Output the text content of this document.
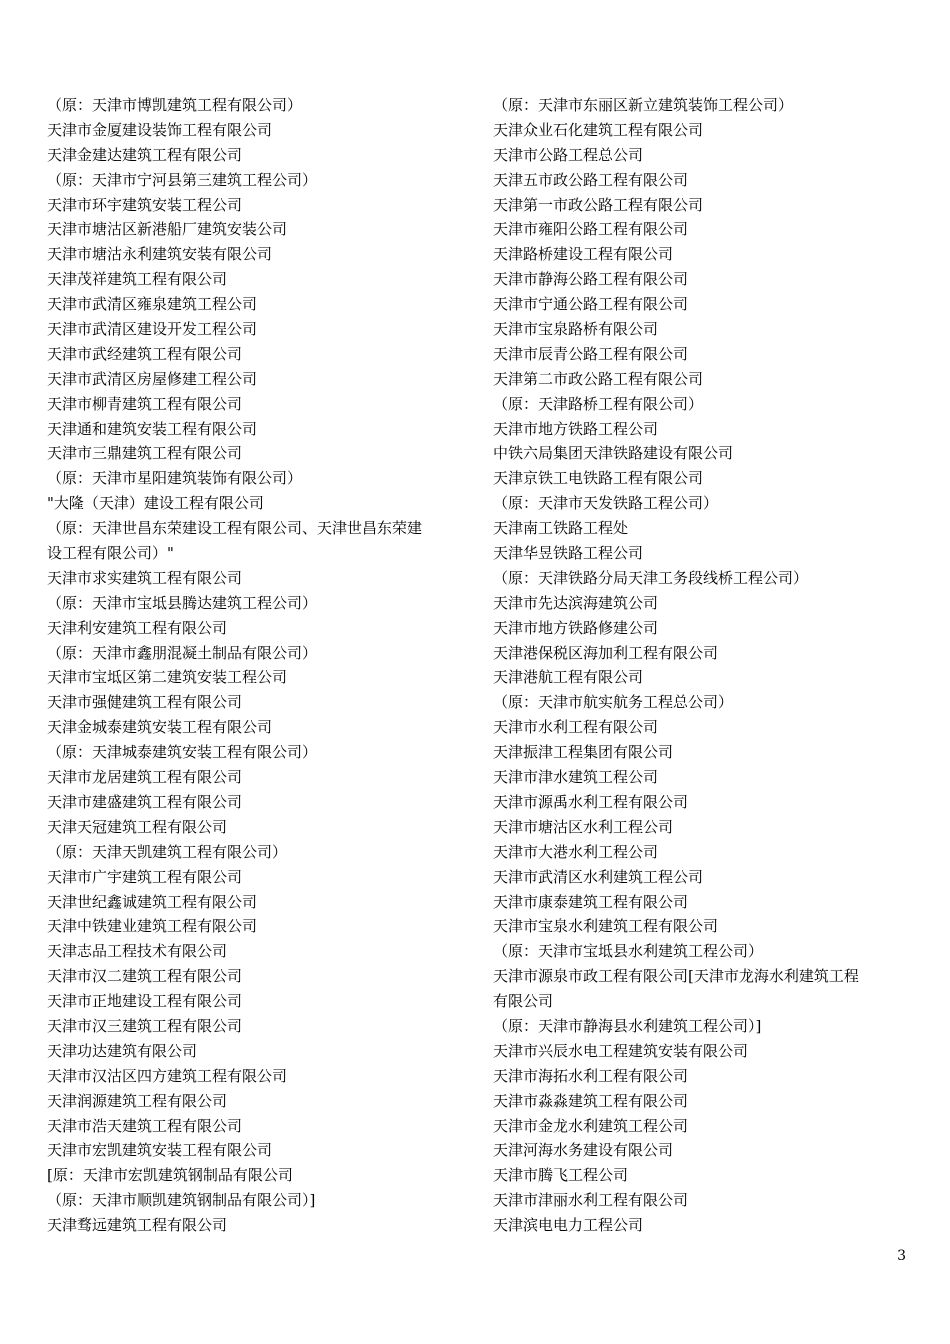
（原：天津市博凯建筑工程有限公司）
天津市金厦建设装饰工程有限公司
天津金建达建筑工程有限公司
（原：天津市宁河县第三建筑工程公司）
天津市环宇建筑安装工程公司
天津市塘沽区新港船厂建筑安装公司
天津市塘沽永利建筑安装有限公司
天津茂祥建筑工程有限公司
天津市武清区雍泉建筑工程公司
天津市武清区建设开发工程公司
天津市武经建筑工程有限公司
天津市武清区房屋修建工程公司
天津市柳青建筑工程有限公司
天津通和建筑安装工程有限公司
天津市三鼎建筑工程有限公司
（原：天津市星阳建筑装饰有限公司）
"大隆（天津）建设工程有限公司
（原：天津世昌东荣建设工程有限公司、天津世昌东荣建
设工程有限公司）"
天津市求实建筑工程有限公司
（原：天津市宝坻县腾达建筑工程公司）
天津利安建筑工程有限公司
（原：天津市鑫朋混凝土制品有限公司）
天津市宝坻区第二建筑安装工程公司
天津市强健建筑工程有限公司
天津金城泰建筑安装工程有限公司
（原：天津城泰建筑安装工程有限公司）
天津市龙居建筑工程有限公司
天津市建盛建筑工程有限公司
天津天冠建筑工程有限公司
（原：天津天凯建筑工程有限公司）
天津市广宇建筑工程有限公司
天津世纪鑫诚建筑工程有限公司
天津中铁建业建筑工程有限公司
天津志品工程技术有限公司
天津市汉二建筑工程有限公司
天津市正地建设工程有限公司
天津市汉三建筑工程有限公司
天津功达建筑有限公司
天津市汉沽区四方建筑工程有限公司
天津润源建筑工程有限公司
天津市浩天建筑工程有限公司
天津市宏凯建筑安装工程有限公司
[原：天津市宏凯建筑钢制品有限公司
（原：天津市顺凯建筑钢制品有限公司）]
天津骛远建筑工程有限公司
（原：天津市东丽区新立建筑装饰工程公司）
天津众业石化建筑工程有限公司
天津市公路工程总公司
天津五市政公路工程有限公司
天津第一市政公路工程有限公司
天津市雍阳公路工程有限公司
天津路桥建设工程有限公司
天津市静海公路工程有限公司
天津市宁通公路工程有限公司
天津市宝泉路桥有限公司
天津市辰青公路工程有限公司
天津第二市政公路工程有限公司
（原：天津路桥工程有限公司）
天津市地方铁路工程公司
中铁六局集团天津铁路建设有限公司
天津京铁工电铁路工程有限公司
（原：天津市天发铁路工程公司）
天津南工铁路工程处
天津华昱铁路工程公司
（原：天津铁路分局天津工务段线桥工程公司）
天津市先达滨海建筑公司
天津市地方铁路修建公司
天津港保税区海加利工程有限公司
天津港航工程有限公司
（原：天津市航实航务工程总公司）
天津市水利工程有限公司
天津振津工程集团有限公司
天津市津水建筑工程公司
天津市源禹水利工程有限公司
天津市塘沽区水利工程公司
天津市大港水利工程公司
天津市武清区水利建筑工程公司
天津市康泰建筑工程有限公司
天津市宝泉水利建筑工程有限公司
（原：天津市宝坻县水利建筑工程公司）
天津市源泉市政工程有限公司[天津市龙海水利建筑工程
有限公司
（原：天津市静海县水利建筑工程公司）]
天津市兴辰水电工程建筑安装有限公司
天津市海拓水利工程有限公司
天津市淼淼建筑工程有限公司
天津市金龙水利建筑工程公司
天津河海水务建设有限公司
天津市腾飞工程公司
天津市津丽水利工程有限公司
天津滨电电力工程公司
3
